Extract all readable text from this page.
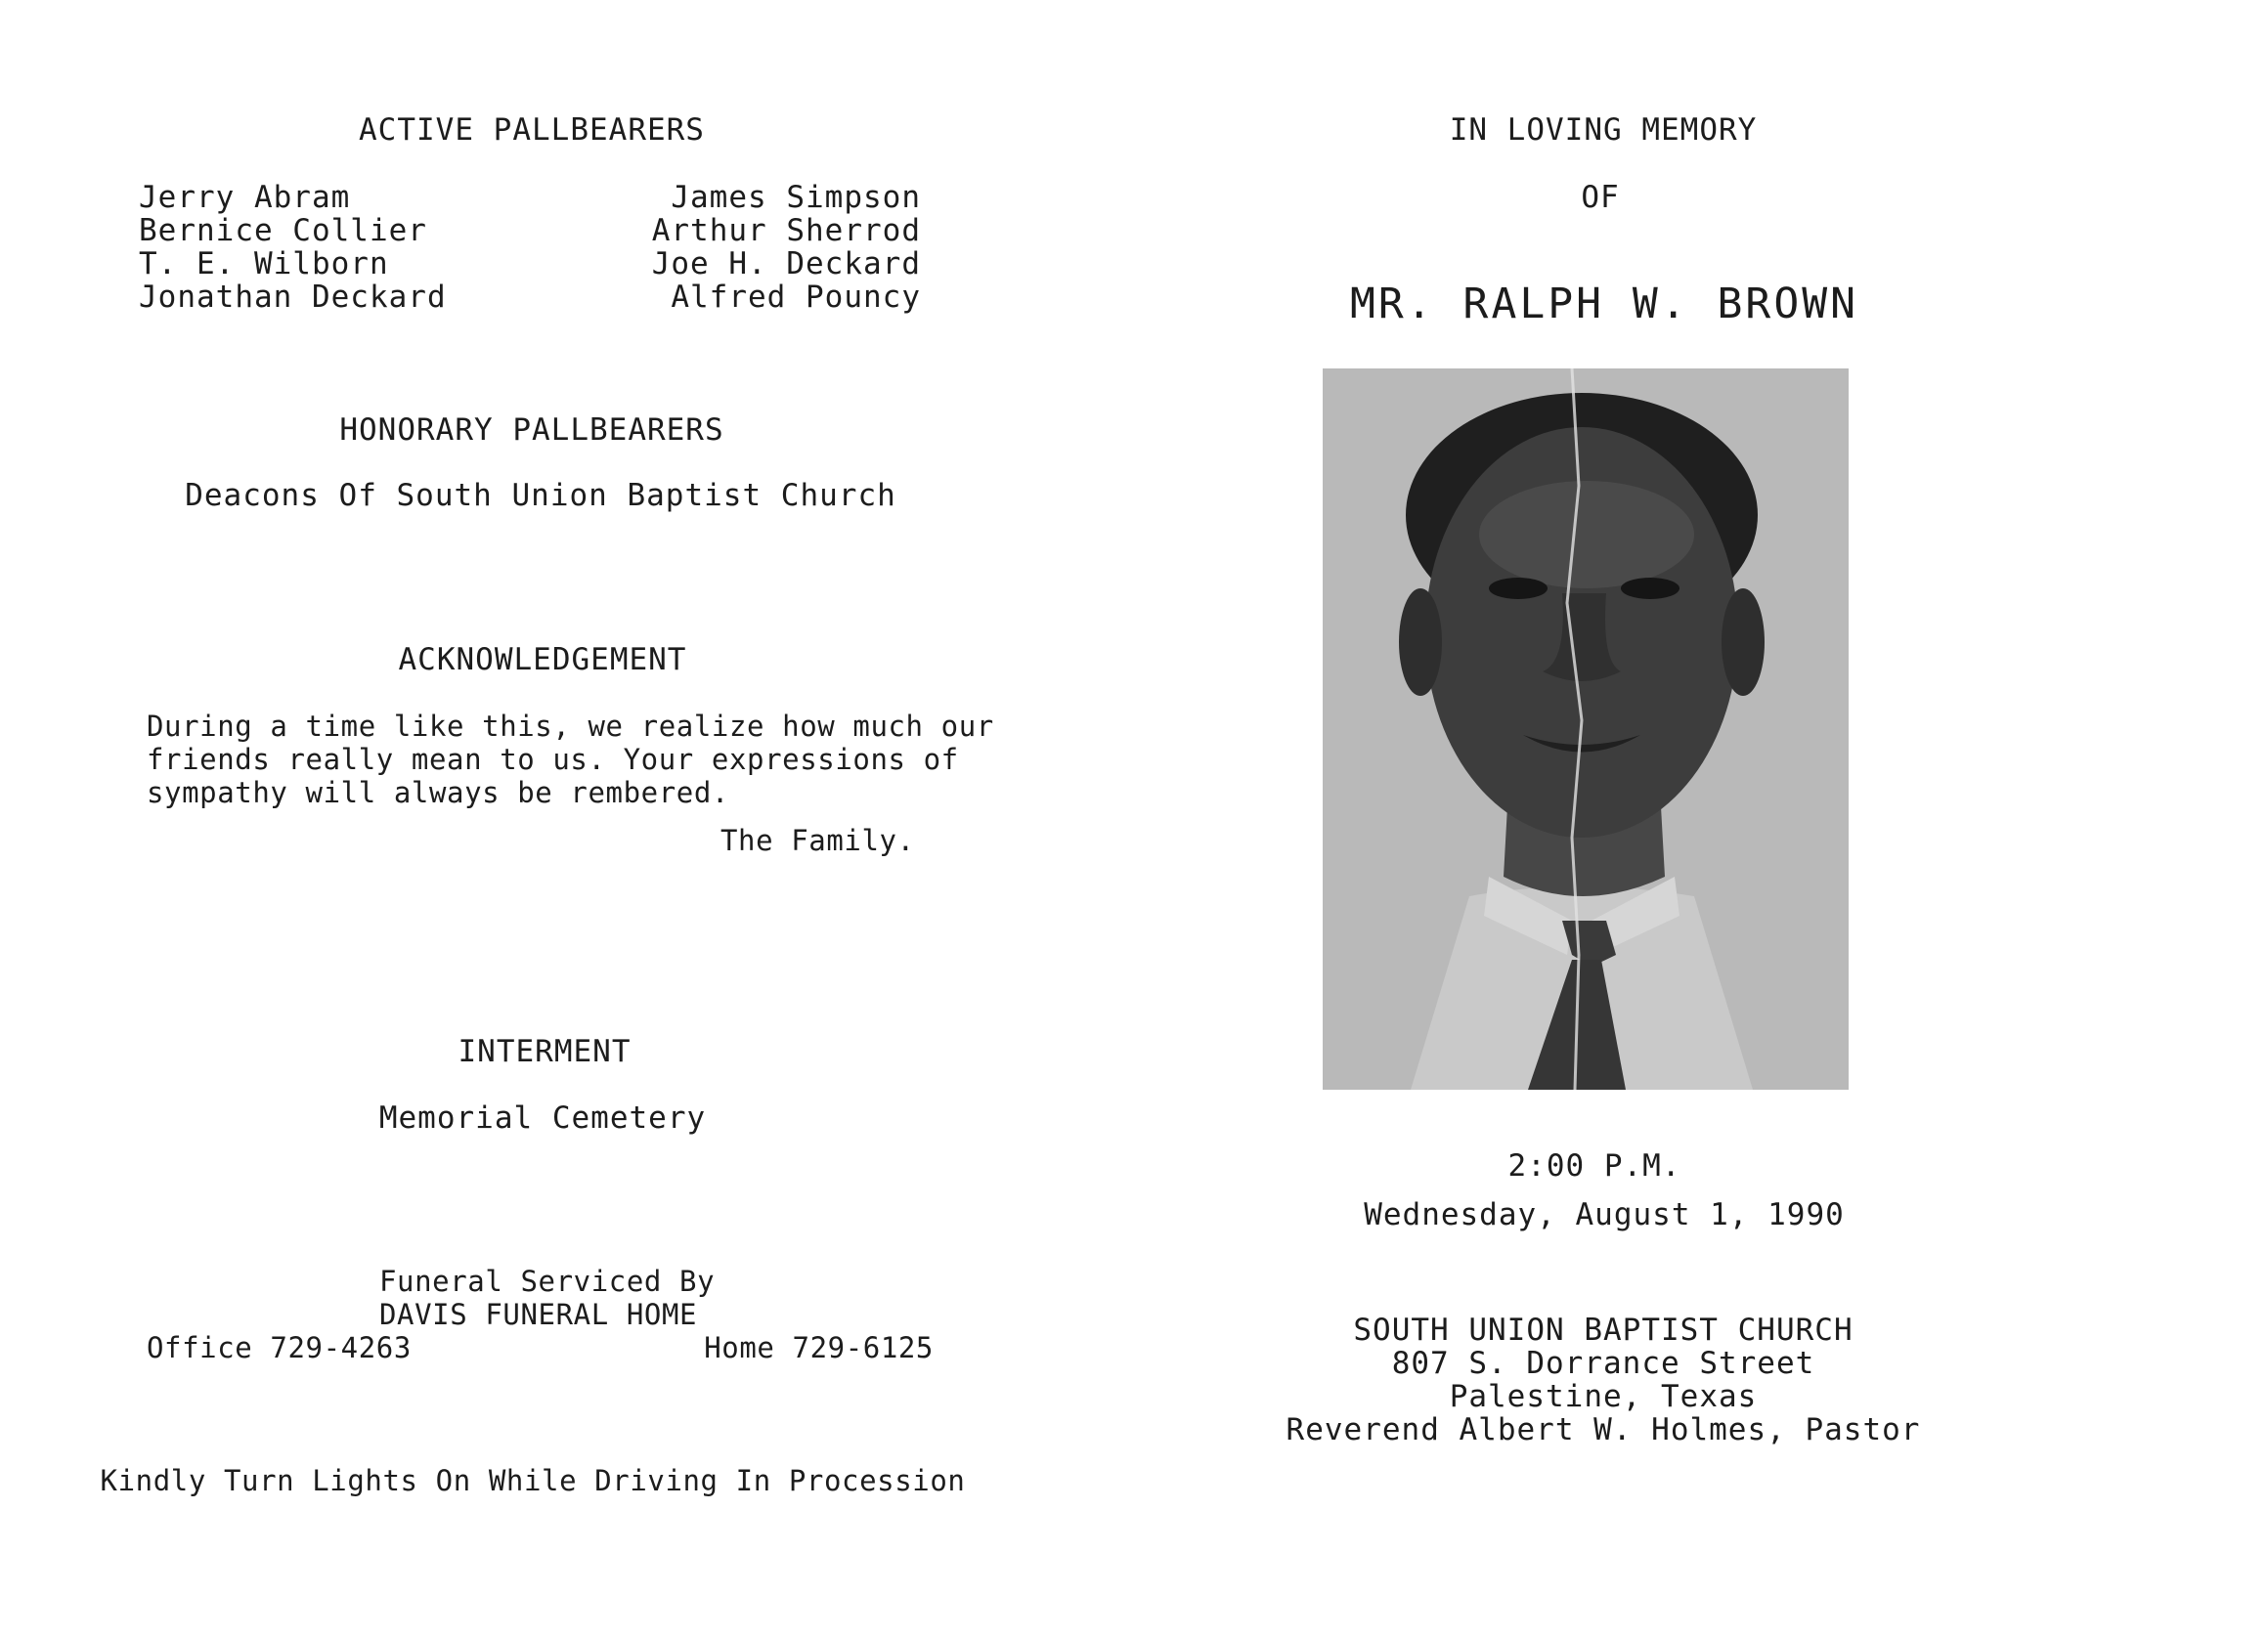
ACTIVE PALLBEARERS
Jerry Abram
Bernice Collier
T. E. Wilborn
Jonathan Deckard
James Simpson
Arthur Sherrod
Joe H. Deckard
Alfred Pouncy
HONORARY PALLBEARERS
Deacons Of South Union Baptist Church
ACKNOWLEDGEMENT
During a time like this, we realize how much our
friends really mean to us. Your expressions of
sympathy will always be rembered.
The Family.
INTERMENT
Memorial Cemetery
Funeral Serviced By
DAVIS FUNERAL HOME
Office 729-4263	Home 729-6125
Kindly Turn Lights On While Driving In Procession
IN LOVING MEMORY
OF
MR. RALPH W. BROWN
2:00 P.M.
Wednesday, August 1, 1990
SOUTH UNION BAPTIST CHURCH
807 S. Dorrance Street
Palestine, Texas
Reverend Albert W. Holmes, Pastor
